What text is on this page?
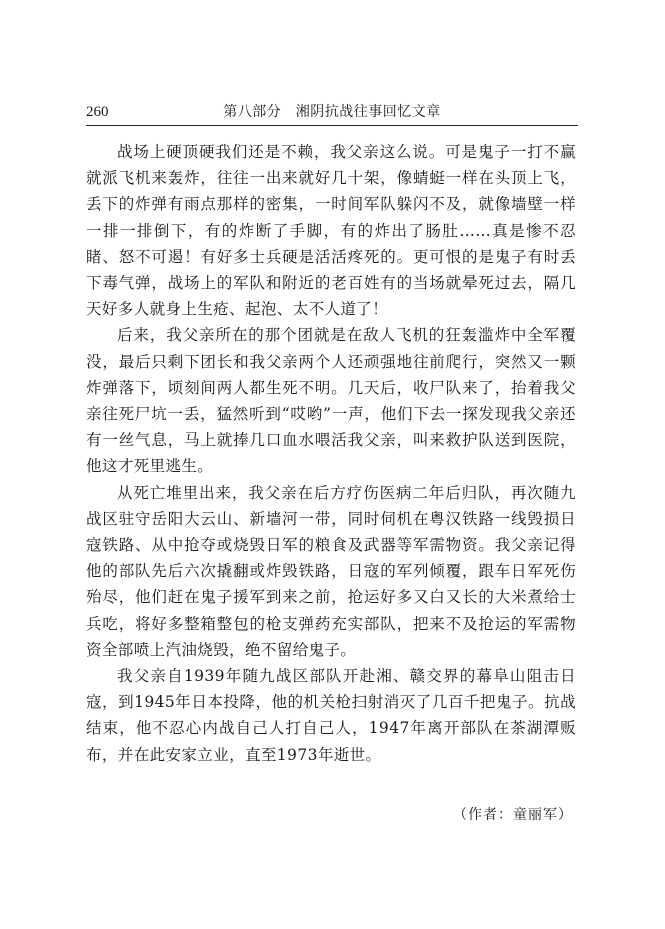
260	第八部分　湘阴抗战往事回忆文章

战场上硬顶硬我们还是不赖，我父亲这么说。可是鬼子一打不赢就派飞机来轰炸，往往一出来就好几十架，像蜻蜓一样在头顶上飞，丢下的炸弹有雨点那样的密集，一时间军队躲闪不及，就像墙壁一样一排一排倒下，有的炸断了手脚，有的炸出了肠肚……真是惨不忍睹、怒不可遏！有好多士兵硬是活活疼死的。更可恨的是鬼子有时丢下毒气弹，战场上的军队和附近的老百姓有的当场就晕死过去，隔几天好多人就身上生疮、起泡、太不人道了！

后来，我父亲所在的那个团就是在敌人飞机的狂轰滥炸中全军覆没，最后只剩下团长和我父亲两个人还顽强地往前爬行，突然又一颗炸弹落下，顷刻间两人都生死不明。几天后，收尸队来了，抬着我父亲往死尸坑一丢，猛然听到“哎哟”一声，他们下去一探发现我父亲还有一丝气息，马上就捧几口血水喂活我父亲，叫来救护队送到医院，他这才死里逃生。

从死亡堆里出来，我父亲在后方疗伤医病二年后归队，再次随九战区驻守岳阳大云山、新墙河一带，同时伺机在粤汉铁路一线毁损日寇铁路、从中抢夺或烧毁日军的粮食及武器等军需物资。我父亲记得他的部队先后六次撬翻或炸毁铁路，日寇的军列倾覆，跟车日军死伤殆尽，他们赶在鬼子援军到来之前，抢运好多又白又长的大米煮给士兵吃，将好多整箱整包的枪支弹药充实部队，把来不及抢运的军需物资全部喷上汽油烧毁，绝不留给鬼子。

我父亲自1939年随九战区部队开赴湘、赣交界的幕阜山阻击日寇，到1945年日本投降，他的机关枪扫射消灭了几百千把鬼子。抗战结束，他不忍心内战自己人打自己人，1947年离开部队在茶湖潭贩布，并在此安家立业，直至1973年逝世。

（作者：童丽军）
